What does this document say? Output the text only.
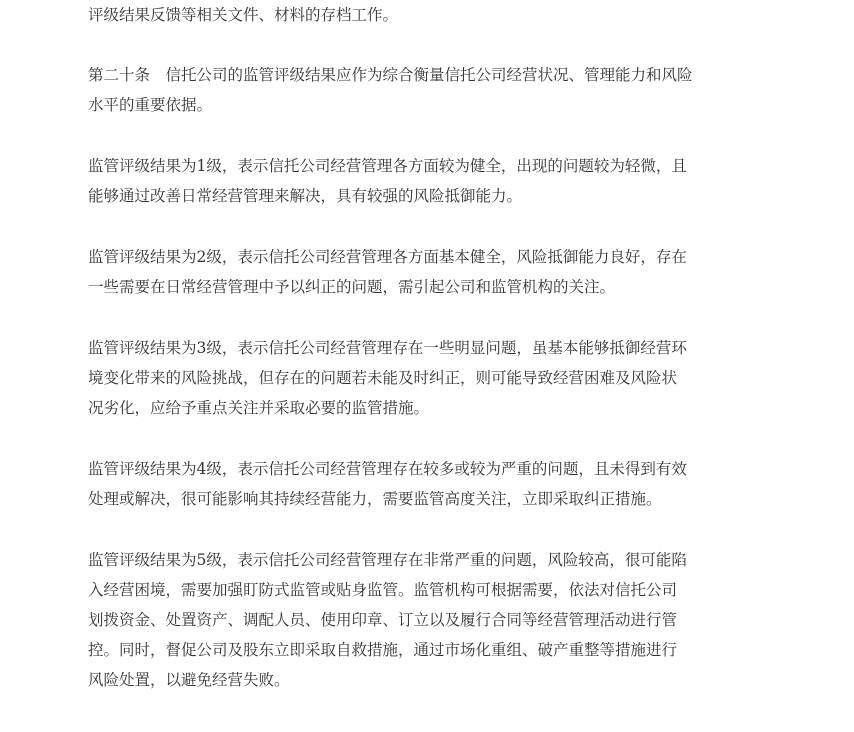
评级结果反馈等相关文件、材料的存档工作。
第二十条　信托公司的监管评级结果应作为综合衡量信托公司经营状况、管理能力和风险
水平的重要依据。
监管评级结果为1级，表示信托公司经营管理各方面较为健全，出现的问题较为轻微，且
能够通过改善日常经营管理来解决，具有较强的风险抵御能力。
监管评级结果为2级，表示信托公司经营管理各方面基本健全，风险抵御能力良好，存在
一些需要在日常经营管理中予以纠正的问题，需引起公司和监管机构的关注。
监管评级结果为3级，表示信托公司经营管理存在一些明显问题，虽基本能够抵御经营环
境变化带来的风险挑战，但存在的问题若未能及时纠正，则可能导致经营困难及风险状
况劣化，应给予重点关注并采取必要的监管措施。
监管评级结果为4级，表示信托公司经营管理存在较多或较为严重的问题，且未得到有效
处理或解决，很可能影响其持续经营能力，需要监管高度关注，立即采取纠正措施。
监管评级结果为5级，表示信托公司经营管理存在非常严重的问题，风险较高，很可能陷
入经营困境，需要加强盯防式监管或贴身监管。监管机构可根据需要，依法对信托公司
划拨资金、处置资产、调配人员、使用印章、订立以及履行合同等经营管理活动进行管
控。同时，督促公司及股东立即采取自救措施，通过市场化重组、破产重整等措施进行
风险处置，以避免经营失败。
